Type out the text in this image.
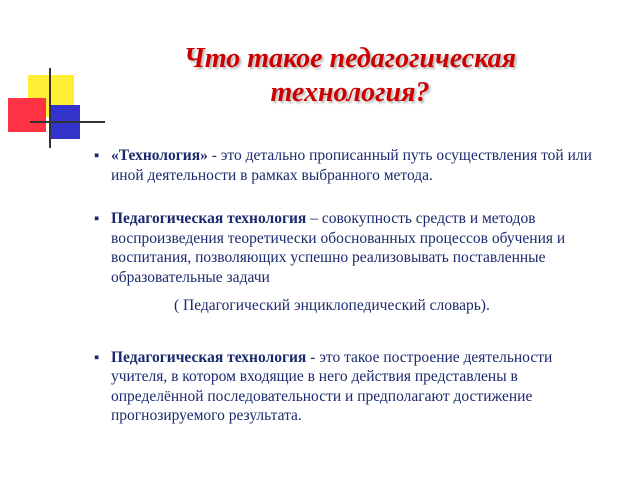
Что такое педагогическая технология?
▪ «Технология» - это детально прописанный путь осуществления той или иной деятельности в рамках выбранного метода.
▪ Педагогическая технология – совокупность средств и методов воспроизведения теоретически обоснованных процессов обучения и воспитания, позволяющих успешно реализовывать поставленные образовательные задачи
( Педагогический энциклопедический словарь).
▪ Педагогическая технология - это такое построение деятельности учителя, в котором входящие в него действия представлены в определённой последовательности и предполагают достижение прогнозируемого результата.
